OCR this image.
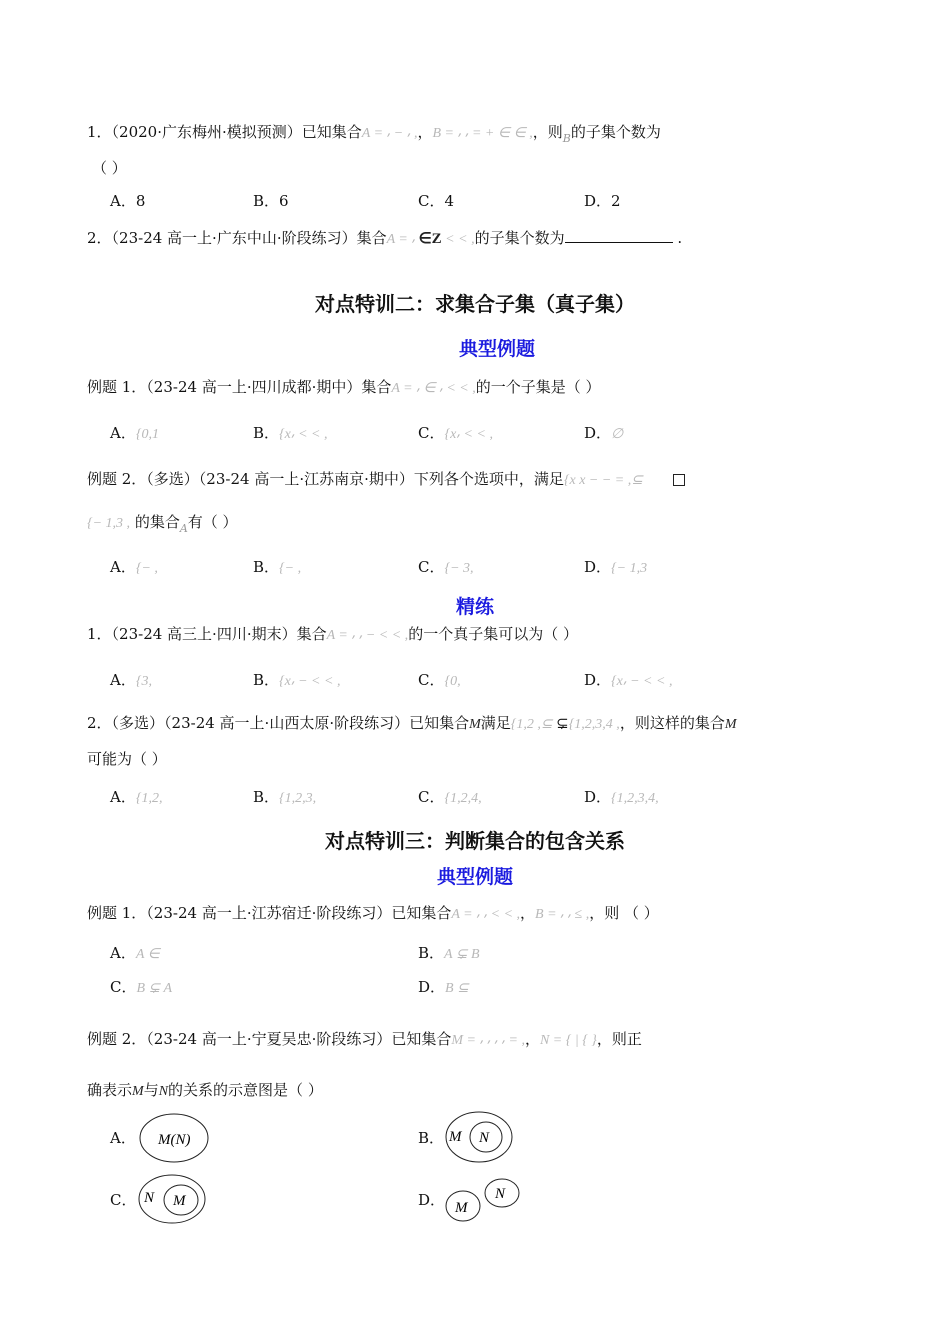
1．（2020·广东梅州·模拟预测）已知集合A = ⸴ − ⸴ ,，B = ⸴ ⸴ = + ∈ ∈ ,，则$_B$的子集个数为
（ ）
A．8	B．6	C．4	D．2
2．（23-24 高一上·广东中山·阶段练习）集合A = ⸴ ∈Z < < ,的子集个数为	.
对点特训二：求集合子集（真子集）
典型例题
例题 1．（23-24 高一上·四川成都·期中）集合A = ⸴ ∈ ⸴ < < ,的一个子集是（ ）
例题 2．（多选）（23-24 高一上·江苏南京·期中）下列各个选项中，满足{x x − − = ,⊆
{− 1,3 , 的集合$_A$有（ ）
精练
1．（23-24 高三上·四川·期末）集合A = ⸴ ⸴ − < < ,的一个真子集可以为（ ）
2．（多选）（23-24 高一上·山西太原·阶段练习）已知集合M满足{1,2 ,⊆ ⊊{1,2,3,4 ,，则这样的集合M
可能为（ ）
对点特训三：判断集合的包含关系
典型例题
例题 1．（23-24 高一上·江苏宿迁·阶段练习）已知集合A = ⸴ ⸴ < < ,，B = ⸴ ⸴ ≤ ,，则 （ ）
例题 2．（23-24 高一上·宁夏吴忠·阶段练习）已知集合M = ⸴ ⸴ ⸴ ⸴ = ,，N = { | { }，则正
确表示M与N的关系的示意图是（ ）
A． M(N)	B． M N
C． N M	D． M
N
A．{0,1	B．{x⸴ < < ,	C．{x⸴ < < ,	D．∅
A．{− ,	B．{− ,	C．{− 3,	D．{− 1,3
A．{3,	B．{x⸴ − < < ,	C．{0,	D．{x⸴ − < < ,
A．{1,2,	B．{1,2,3,	C．{1,2,4,	D．{1,2,3,4,
A．A ∈	B．A ⊊ B
C．B ⊊ A	D．B ⊆
